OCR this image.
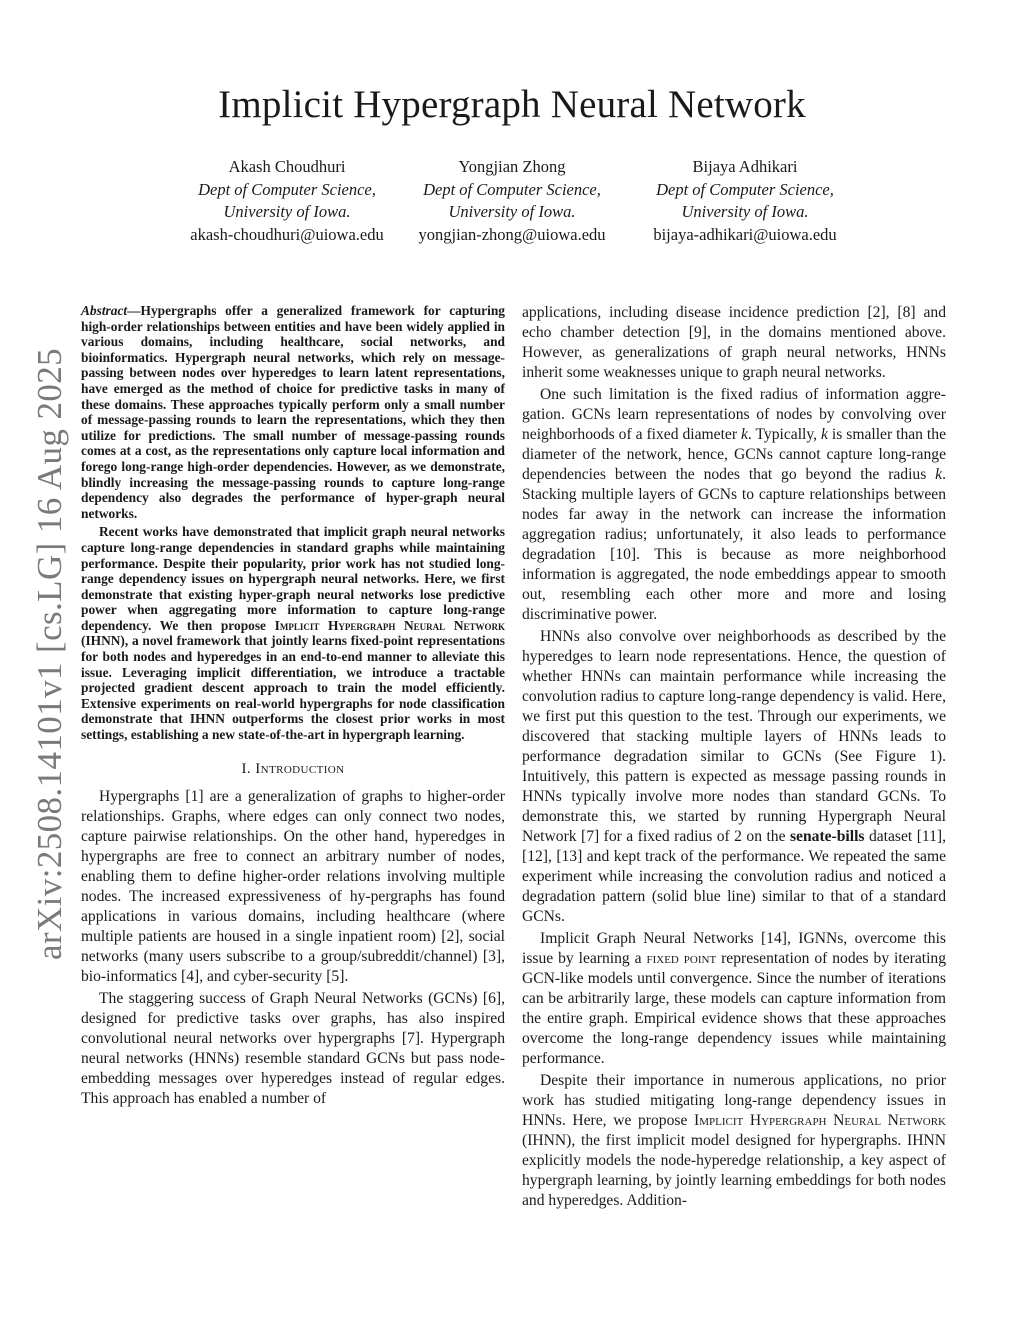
arXiv:2508.14101v1 [cs.LG] 16 Aug 2025
Implicit Hypergraph Neural Network
Akash Choudhuri
Dept of Computer Science,
University of Iowa.
akash-choudhuri@uiowa.edu
Yongjian Zhong
Dept of Computer Science,
University of Iowa.
yongjian-zhong@uiowa.edu
Bijaya Adhikari
Dept of Computer Science,
University of Iowa.
bijaya-adhikari@uiowa.edu

Abstract—Hypergraphs offer a generalized framework for capturing high-order relationships between entities and have been widely applied in various domains, including healthcare, social networks, and bioinformatics. Hypergraph neural networks, which rely on message-passing between nodes over hyperedges to learn latent representations, have emerged as the method of choice for predictive tasks in many of these domains. These approaches typically perform only a small number of message-passing rounds to learn the representations, which they then utilize for predictions. The small number of message-passing rounds comes at a cost, as the representations only capture local information and forego long-range high-order dependencies. However, as we demonstrate, blindly increasing the message-passing rounds to capture long-range dependency also degrades the performance of hyper-graph neural networks.

Recent works have demonstrated that implicit graph neural networks capture long-range dependencies in standard graphs while maintaining performance. Despite their popularity, prior work has not studied long-range dependency issues on hypergraph neural networks. Here, we first demonstrate that existing hyper-graph neural networks lose predictive power when aggregating more information to capture long-range dependency. We then propose Implicit Hypergraph Neural Network (IHNN), a novel framework that jointly learns fixed-point representations for both nodes and hyperedges in an end-to-end manner to alleviate this issue. Leveraging implicit differentiation, we introduce a tractable projected gradient descent approach to train the model efficiently. Extensive experiments on real-world hypergraphs for node classification demonstrate that IHNN outperforms the closest prior works in most settings, establishing a new state-of-the-art in hypergraph learning.

I. Introduction

Hypergraphs [1] are a generalization of graphs to higher-order relationships. Graphs, where edges can only connect two nodes, capture pairwise relationships. On the other hand, hyperedges in hypergraphs are free to connect an arbitrary number of nodes, enabling them to define higher-order relations involving multiple nodes. The increased expressiveness of hy-pergraphs has found applications in various domains, including healthcare (where multiple patients are housed in a single inpatient room) [2], social networks (many users subscribe to a group/subreddit/channel) [3], bio-informatics [4], and cyber-security [5].

The staggering success of Graph Neural Networks (GCNs) [6], designed for predictive tasks over graphs, has also inspired convolutional neural networks over hypergraphs [7]. Hypergraph neural networks (HNNs) resemble standard GCNs but pass node-embedding messages over hyperedges instead of regular edges. This approach has enabled a number of

applications, including disease incidence prediction [2], [8] and echo chamber detection [9], in the domains mentioned above. However, as generalizations of graph neural networks, HNNs inherit some weaknesses unique to graph neural networks.

One such limitation is the fixed radius of information aggre-gation. GCNs learn representations of nodes by convolving over neighborhoods of a fixed diameter k. Typically, k is smaller than the diameter of the network, hence, GCNs cannot capture long-range dependencies between the nodes that go beyond the radius k. Stacking multiple layers of GCNs to capture relationships between nodes far away in the network can increase the information aggregation radius; unfortunately, it also leads to performance degradation [10]. This is because as more neighborhood information is aggregated, the node embeddings appear to smooth out, resembling each other more and more and losing discriminative power.

HNNs also convolve over neighborhoods as described by the hyperedges to learn node representations. Hence, the question of whether HNNs can maintain performance while increasing the convolution radius to capture long-range dependency is valid. Here, we first put this question to the test. Through our experiments, we discovered that stacking multiple layers of HNNs leads to performance degradation similar to GCNs (See Figure 1). Intuitively, this pattern is expected as message passing rounds in HNNs typically involve more nodes than standard GCNs. To demonstrate this, we started by running Hypergraph Neural Network [7] for a fixed radius of 2 on the senate-bills dataset [11], [12], [13] and kept track of the performance. We repeated the same experiment while increasing the convolution radius and noticed a degradation pattern (solid blue line) similar to that of a standard GCNs.

Implicit Graph Neural Networks [14], IGNNs, overcome this issue by learning a fixed point representation of nodes by iterating GCN-like models until convergence. Since the number of iterations can be arbitrarily large, these models can capture information from the entire graph. Empirical evidence shows that these approaches overcome the long-range dependency issues while maintaining performance.

Despite their importance in numerous applications, no prior work has studied mitigating long-range dependency issues in HNNs. Here, we propose Implicit Hypergraph Neural Network (IHNN), the first implicit model designed for hypergraphs. IHNN explicitly models the node-hyperedge relationship, a key aspect of hypergraph learning, by jointly learning embeddings for both nodes and hyperedges. Addition-
